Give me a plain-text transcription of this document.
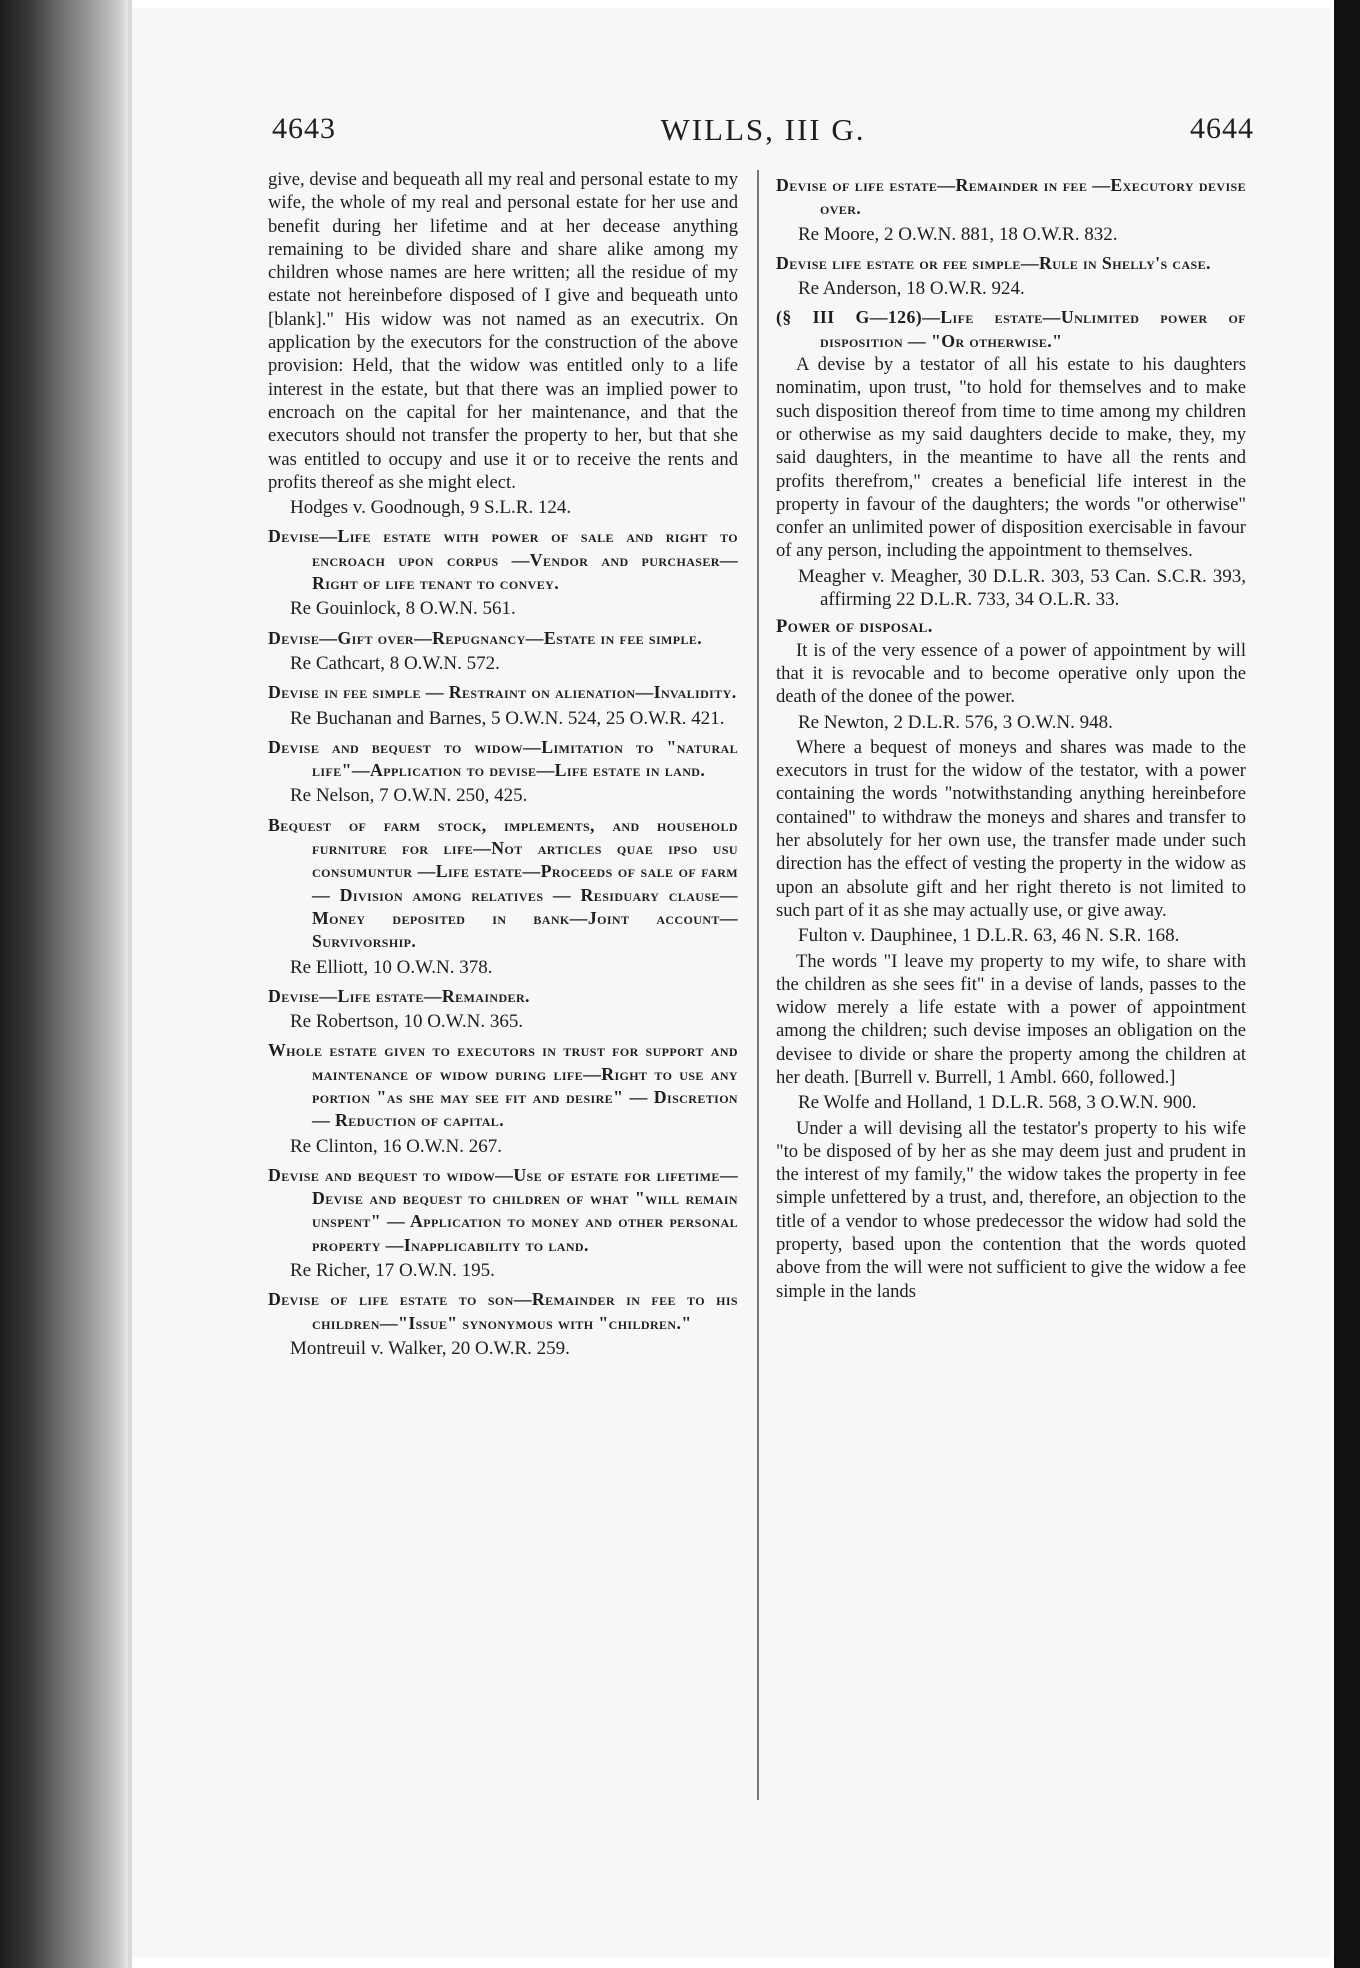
4643	WILLS, III G.	4644

give, devise and bequeath all my real and personal estate to my wife, the whole of my real and personal estate for her use and benefit during her lifetime and at her decease anything remaining to be divided share and share alike among my children whose names are here written; all the residue of my estate not hereinbefore disposed of I give and bequeath unto [blank]." His widow was not named as an executrix. On application by the executors for the construction of the above provision: Held, that the widow was entitled only to a life interest in the estate, but that there was an implied power to encroach on the capital for her maintenance, and that the executors should not transfer the property to her, but that she was entitled to occupy and use it or to receive the rents and profits thereof as she might elect.

Hodges v. Goodnough, 9 S.L.R. 124.

Devise—Life estate with power of sale and right to encroach upon corpus —Vendor and purchaser—Right of life tenant to convey.

Re Gouinlock, 8 O.W.N. 561.

Devise—Gift over—Repugnancy—Estate in fee simple.

Re Cathcart, 8 O.W.N. 572.

Devise in fee simple — Restraint on alienation—Invalidity.

Re Buchanan and Barnes, 5 O.W.N. 524, 25 O.W.R. 421.

Devise and bequest to widow—Limitation to "natural life"—Application to devise—Life estate in land.

Re Nelson, 7 O.W.N. 250, 425.

Bequest of farm stock, implements, and household furniture for life—Not articles quae ipso usu consumuntur —Life estate—Proceeds of sale of farm — Division among relatives — Residuary clause—Money deposited in bank—Joint account—Survivorship.

Re Elliott, 10 O.W.N. 378.

Devise—Life estate—Remainder.

Re Robertson, 10 O.W.N. 365.

Whole estate given to executors in trust for support and maintenance of widow during life—Right to use any portion "as she may see fit and desire" — Discretion — Reduction of capital.

Re Clinton, 16 O.W.N. 267.

Devise and bequest to widow—Use of estate for lifetime—Devise and bequest to children of what "will remain unspent" — Application to money and other personal property —Inapplicability to land.

Re Richer, 17 O.W.N. 195.

Devise of life estate to son—Remainder in fee to his children—"Issue" synonymous with "children."

Montreuil v. Walker, 20 O.W.R. 259.

Devise of life estate—Remainder in fee —Executory devise over.

Re Moore, 2 O.W.N. 881, 18 O.W.R. 832.

Devise life estate or fee simple—Rule in Shelly's case.

Re Anderson, 18 O.W.R. 924.

(§ III G—126)—Life estate—Unlimited power of disposition — "Or otherwise."

A devise by a testator of all his estate to his daughters nominatim, upon trust, "to hold for themselves and to make such disposition thereof from time to time among my children or otherwise as my said daughters decide to make, they, my said daughters, in the meantime to have all the rents and profits therefrom," creates a beneficial life interest in the property in favour of the daughters; the words "or otherwise" confer an unlimited power of disposition exercisable in favour of any person, including the appointment to themselves.

Meagher v. Meagher, 30 D.L.R. 303, 53 Can. S.C.R. 393, affirming 22 D.L.R. 733, 34 O.L.R. 33.

Power of disposal.

It is of the very essence of a power of appointment by will that it is revocable and to become operative only upon the death of the donee of the power.

Re Newton, 2 D.L.R. 576, 3 O.W.N. 948.

Where a bequest of moneys and shares was made to the executors in trust for the widow of the testator, with a power containing the words "notwithstanding anything hereinbefore contained" to withdraw the moneys and shares and transfer to her absolutely for her own use, the transfer made under such direction has the effect of vesting the property in the widow as upon an absolute gift and her right thereto is not limited to such part of it as she may actually use, or give away.

Fulton v. Dauphinee, 1 D.L.R. 63, 46 N. S.R. 168.

The words "I leave my property to my wife, to share with the children as she sees fit" in a devise of lands, passes to the widow merely a life estate with a power of appointment among the children; such devise imposes an obligation on the devisee to divide or share the property among the children at her death. [Burrell v. Burrell, 1 Ambl. 660, followed.]

Re Wolfe and Holland, 1 D.L.R. 568, 3 O.W.N. 900.

Under a will devising all the testator's property to his wife "to be disposed of by her as she may deem just and prudent in the interest of my family," the widow takes the property in fee simple unfettered by a trust, and, therefore, an objection to the title of a vendor to whose predecessor the widow had sold the property, based upon the contention that the words quoted above from the will were not sufficient to give the widow a fee simple in the lands
